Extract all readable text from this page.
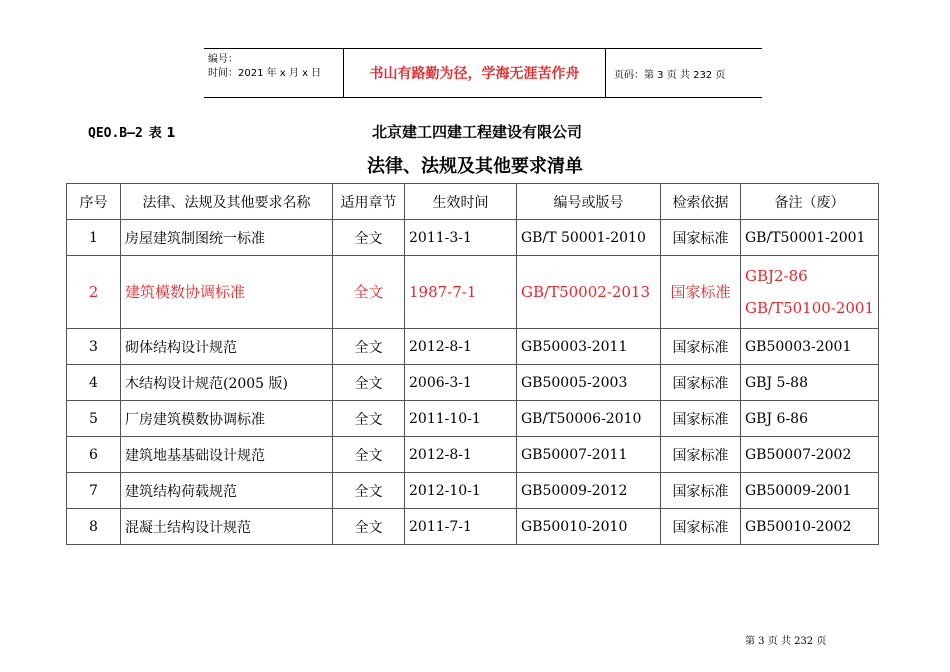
编号：
时间：2021 年 x 月 x 日	书山有路勤为径，学海无涯苦作舟	页码：第 3 页 共 232 页
QEO.B—2 表 1	北京建工四建工程建设有限公司
法律、法规及其他要求清单
序号	法律、法规及其他要求名称	适用章节	生效时间	编号或版号	检索依据	备注（废）
1	房屋建筑制图统一标准	全文	2011-3-1	GB/T 50001-2010	国家标准	GB/T50001-2001
2	建筑模数协调标准	全文	1987-7-1	GB/T50002-2013	国家标准	GBJ2-86
GB/T50100-2001

3	砌体结构设计规范	全文	2012-8-1	GB50003-2011	国家标准	GB50003-2001
4	木结构设计规范(2005 版)	全文	2006-3-1	GB50005-2003	国家标准	GBJ 5-88
5	厂房建筑模数协调标准	全文	2011-10-1	GB/T50006-2010	国家标准	GBJ 6-86
6	建筑地基基础设计规范	全文	2012-8-1	GB50007-2011	国家标准	GB50007-2002
7	建筑结构荷载规范	全文	2012-10-1	GB50009-2012	国家标准	GB50009-2001
8	混凝土结构设计规范	全文	2011-7-1	GB50010-2010	国家标准	GB50010-2002
第 3 页 共 232 页
